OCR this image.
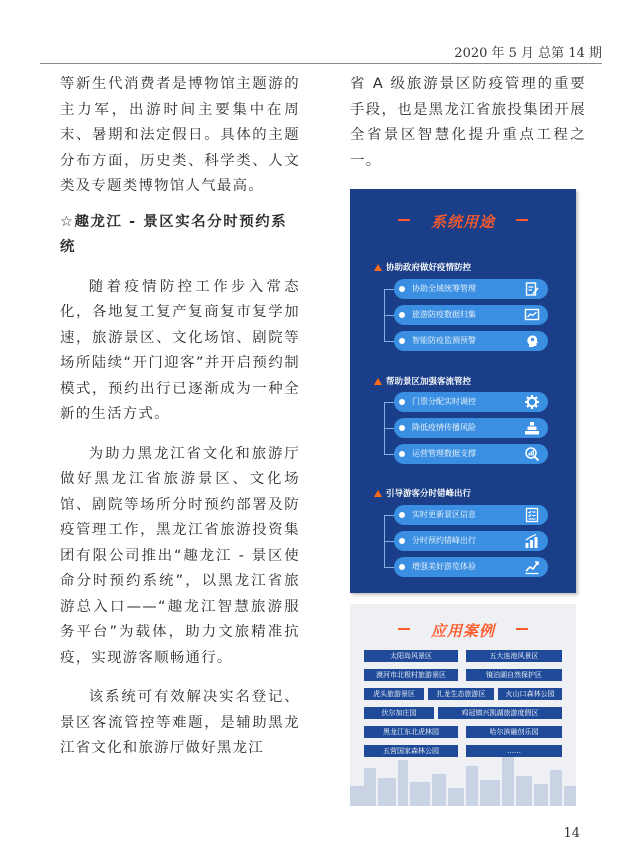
2020 年 5 月 总第 14 期

等新生代消费者是博物馆主题游的主力军，出游时间主要集中在周末、暑期和法定假日。具体的主题分布方面，历史类、科学类、人文类及专题类博物馆人气最高。

☆趣龙江 - 景区实名分时预约系统

随着疫情防控工作步入常态化，各地复工复产复商复市复学加速，旅游景区、文化场馆、剧院等场所陆续“开门迎客”并开启预约制模式，预约出行已逐渐成为一种全新的生活方式。

为助力黑龙江省文化和旅游厅做好黑龙江省旅游景区、文化场馆、剧院等场所分时预约部署及防疫管理工作，黑龙江省旅游投资集团有限公司推出“趣龙江 - 景区使命分时预约系统”，以黑龙江省旅游总入口——“趣龙江智慧旅游服务平台”为载体，助力文旅精准抗疫，实现游客顺畅通行。

该系统可有效解决实名登记、景区客流管控等难题，是辅助黑龙江省文化和旅游厅做好黑龙江

省 A 级旅游景区防疫管理的重要手段，也是黑龙江省旅投集团开展全省景区智慧化提升重点工程之一。

系统用途
协助政府做好疫情防控
协助全域统筹管理
旅游防疫数据归集
智能防疫监测预警
帮助景区加强客流管控
门票分配实时调控
降低疫情传播风险
运营管理数据支撑
引导游客分时错峰出行
实时更新景区信息
分时预约错峰出行
增强美好游览体验
应用案例
太阳岛风景区	五大连池风景区
漠河市北极村旅游景区	镜泊湖自然保护区
虎头旅游景区	扎龙生态旅游区	火山口森林公园
伏尔加庄园	鸡冠镇兴凯湖旅游度假区
黑龙江东北虎林园	哈尔滨融创乐园
五营国家森林公园	……
14
